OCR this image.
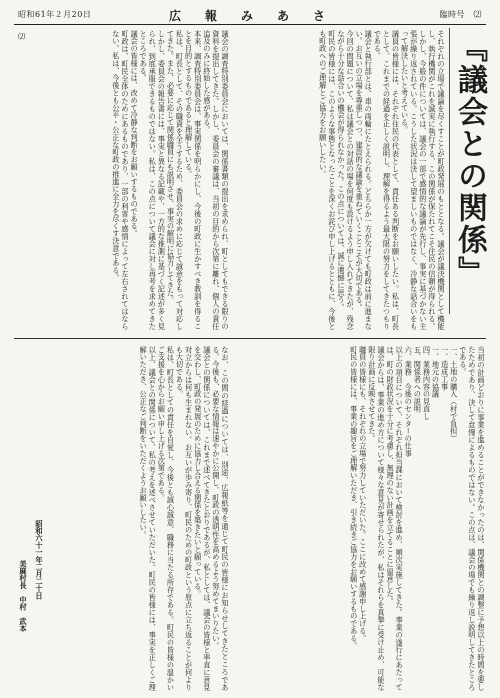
昭和61年２月20日	広　報　み　あ　さ	臨時号　⑵
『議会との関係』
それぞれの立場で議論を尽くすことが町政発展のもととなる。議会が議決機関として機能し、執行機関がこれを誠実に執行する、この関係が保たれてこそ住民の信頼が得られる。しかし、今般の件については、議会の一部で感情的な議論が先行し、事実に基づかない主張が繰り返されている。こうした状況は決して望ましいものではなく、冷静な話合いをもって解決したいと考えている。
議員の皆様には、それぞれ住民の代表として、責任ある判断をお願いしたい。私は、町長として、これまでの経過を正しく説明し、理解を得るよう最大限の努力をしてきたつもりである。
議会と執行部とは、車の両輪にたとえられる。どちらか一方が欠けても町政は前に進まない。お互いの立場を尊重しつつ、建設的な議論を重ねていくことこそが大切である。
今回の問題について、私は議会との対話の場を何度も設けるよう申し入れてきたが、残念ながら十分な話合いの機会が得られなかった。この点については、誠に遺憾に思う。
町民の皆様には、このような事態となったことを深くお詫び申し上げるとともに、今後とも町政へのご理解とご協力をお願いしたい。
議会の調査特別委員会においては、関係書類の提出を求められ、町としてもできる限りの資料を提出してきた。しかし、委員会の審議は、当初の目的から次第に離れ、個人の責任追及のみに終始した感がある。
本来、調査特別委員会は、事実関係を明らかにし、今後の町政に生かすべき教訓を得ることを目的とするものであると理解している。
私は、町長として、その職責を全うするため、委員会の求めに応じて誠意をもって対応してきた。また、必要に応じて関係職員にも説明させ、事実の解明に協力してきた。
しかし、委員会の報告書には、事実と異なる記載や、一方的な推測に基づく記述が多く見られ、到底承服できるものではない。私は、この点について議会に対し再考を求めてきたところである。
議会の皆様には、改めて冷静な判断をお願いするものである。
町政は、町民全体のためにあるものであり、一部の利害や感情によって左右されてはならない。私は、今後とも公平・公正な町政の推進に全力を尽くす決意である。
当初の計画どおりに事業を進めることができなかったのは、関係機関との調整に予想以上の時間を要したためであり、決して怠慢によるものではない。この点は、議会の場でも繰り返し説明してきたところである。
一、土地の購入（村で負担）
一、造成工事
一、地元の協議
四、業務内容の見直し
五、関係者への説明
六、業務　今後のセンターの仕事
以上の項目について、それぞれ担当課において検討を進め、順次実施してきた。事業の遂行にあたっては、町の財政状況を十分に考慮し、無理のない計画を立てることに留意した。
議会からは、事業の進め方について様々な意見が寄せられたが、私はそれらを真摯に受け止め、可能な限り計画に反映させてきた。
職員の皆様にも、それぞれの立場で努力していただいた。ここに改めて感謝申し上げる。
町民の皆様には、事業の趣旨をご理解いただき、引き続きご協力をお願いするものである。
なお、この間の経過については、別途、広報紙等を通じて町民の皆様にお知らせしてきたところである。今後も、必要な情報は速やかに公開し、町政の透明性を高めるよう努めてまいりたい。
議会との関係については、これまで述べてきたとおりであるが、私としては、議会の皆様と率直に意見を交わし、町政の発展のために協力し合える関係を築きたいと願っている。
対立からは何も生まれない。お互いが歩み寄り、町民のための町政という原点に立ち返ることが何よりも大切である。
私は、町長としての責任を自覚し、今後とも誠心誠意、職務に当たる所存である。町民の皆様の温かいご支援を心からお願い申し上げる次第である。
以上、議会との関係について、私の考えを述べさせていただいた。町民の皆様には、事実を正しくご理解いただき、公正なご判断をいただくようお願いしたい。
昭和六十一年二月二十日
美麻村長　中村　武本
⑵
